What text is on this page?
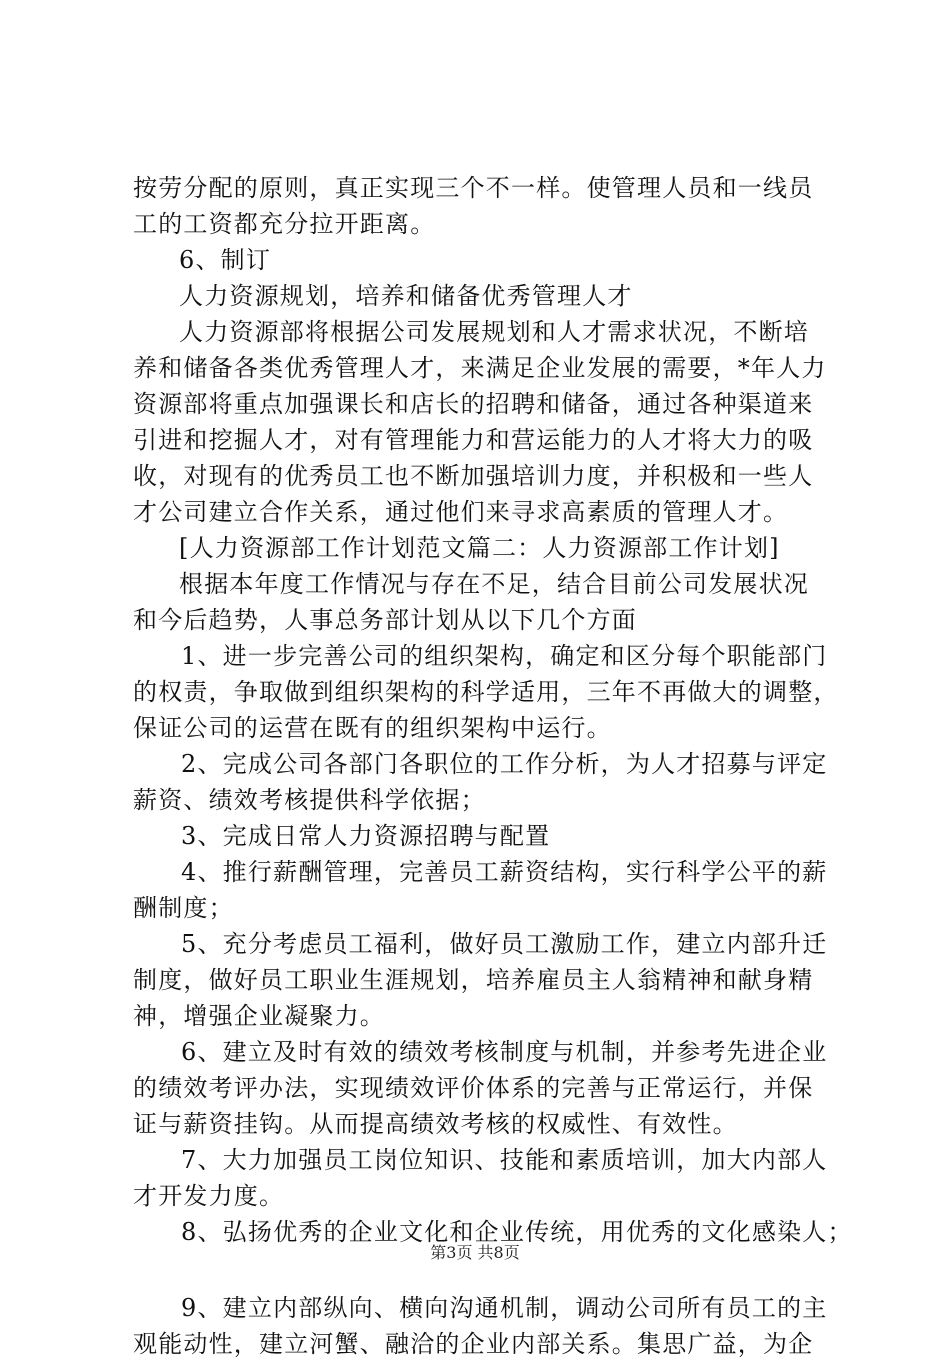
按劳分配的原则，真正实现三个不一样。使管理人员和一线员
工的工资都充分拉开距离。
6、制订
人力资源规划，培养和储备优秀管理人才
人力资源部将根据公司发展规划和人才需求状况，不断培
养和储备各类优秀管理人才，来满足企业发展的需要，*年人力
资源部将重点加强课长和店长的招聘和储备，通过各种渠道来
引进和挖掘人才，对有管理能力和营运能力的人才将大力的吸
收，对现有的优秀员工也不断加强培训力度，并积极和一些人
才公司建立合作关系，通过他们来寻求高素质的管理人才。
[人力资源部工作计划范文篇二：人力资源部工作计划]
根据本年度工作情况与存在不足，结合目前公司发展状况
和今后趋势，人事总务部计划从以下几个方面
1、进一步完善公司的组织架构，确定和区分每个职能部门
的权责，争取做到组织架构的科学适用，三年不再做大的调整，
保证公司的运营在既有的组织架构中运行。
2、完成公司各部门各职位的工作分析，为人才招募与评定
薪资、绩效考核提供科学依据；
3、完成日常人力资源招聘与配置
4、推行薪酬管理，完善员工薪资结构，实行科学公平的薪
酬制度；
5、充分考虑员工福利，做好员工激励工作，建立内部升迁
制度，做好员工职业生涯规划，培养雇员主人翁精神和献身精
神，增强企业凝聚力。
6、建立及时有效的绩效考核制度与机制，并参考先进企业
的绩效考评办法，实现绩效评价体系的完善与正常运行，并保
证与薪资挂钩。从而提高绩效考核的权威性、有效性。
7、大力加强员工岗位知识、技能和素质培训，加大内部人
才开发力度。
8、弘扬优秀的企业文化和企业传统，用优秀的文化感染人；
9、建立内部纵向、横向沟通机制，调动公司所有员工的主
观能动性，建立河蟹、融洽的企业内部关系。集思广益，为企
第3页 共8页
